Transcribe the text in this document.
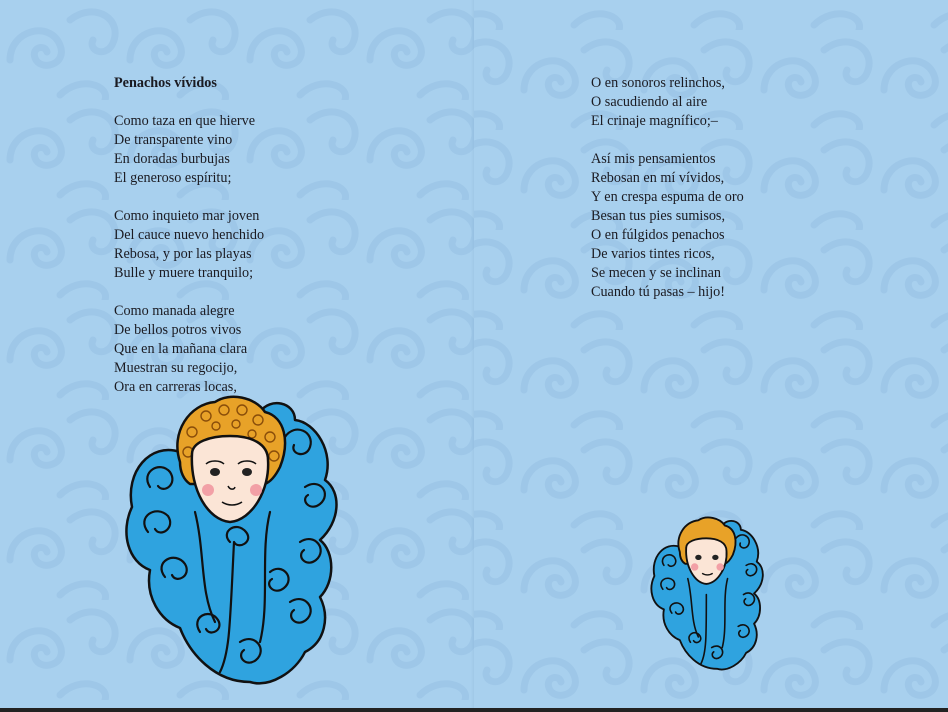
Penachos vívidos
Como taza en que hierve
De transparente vino
En doradas burbujas
El generoso espíritu;
Como inquieto mar joven
Del cauce nuevo henchido
Rebosa, y por las playas
Bulle y muere tranquilo;
Como manada alegre
De bellos potros vivos
Que en la mañana clara
Muestran su regocijo,
Ora en carreras locas,
O en sonoros relinchos,
O sacudiendo al aire
El crinaje magnífico;–
Así mis pensamientos
Rebosan en mí vívidos,
Y en crespa espuma de oro
Besan tus pies sumisos,
O en fúlgidos penachos
De varios tintes ricos,
Se mecen y se inclinan
Cuando tú pasas – hijo!
